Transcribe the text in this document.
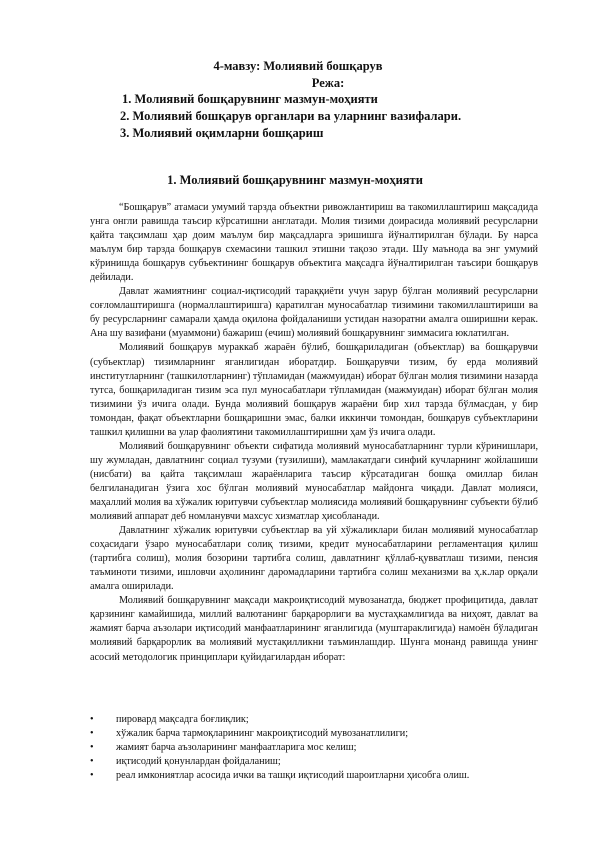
4-мавзу: Молиявий бошқарув
Режа:
1. Молиявий бошқарувнинг мазмун-моҳияти
2. Молиявий бошқарув органлари ва уларнинг вазифалари.
3. Молиявий оқимларни бошқариш
1. Молиявий бошқарувнинг мазмун-моҳияти

“Бошқарув” атамаси умумий тарзда объектни ривожлантириш ва такомиллаштириш мақсадида унга онгли равишда таъсир кўрсатишни англатади. Молия тизими доирасида молиявий ресурсларни қайта тақсимлаш ҳар доим маълум бир мақсадларга эришишга йўналтирилган бўлади. Бу нарса маълум бир тарзда бошқарув схемасини ташкил этишни тақозо этади. Шу маънода ва энг умумий кўринишда бошқарув субъектининг бошқарув объектига мақсадга йўналтирилган таъсири бошқарув дейилади.

Давлат жамиятнинг социал-иқтисодий тараққиёти учун зарур бўлган молиявий ресурсларни соғломлаштиришга (нормаллаштиришга) қаратилган муносабатлар тизимини такомиллаштириши ва бу ресурсларнинг самарали ҳамда оқилона фойдаланиши устидан назоратни амалга оширишни керак. Ана шу вазифани (муаммони) бажариш (ечиш) молиявий бошқарувнинг зиммасига юклатилган.

Молиявий бошқарув мураккаб жараён бўлиб, бошқариладиган (объектлар) ва бошқарувчи (субъектлар) тизимларнинг яганлигидан иборатдир. Бошқарувчи тизим, бу ерда молиявий институтларнинг (ташкилотларнинг) тўпламидан (мажмуидан) иборат бўлган молия тизимини назарда тутса, бошқариладиган тизим эса пул муносабатлари тўпламидан (мажмуидан) иборат бўлган молия тизимини ўз ичига олади. Бунда молиявий бошқарув жараёни бир хил тарзда бўлмасдан, у бир томондан, фақат объектларни бошқаришни эмас, балки иккинчи томондан, бошқарув субъектларини ташкил қилишни ва улар фаолиятини такомиллаштиришни ҳам ўз ичига олади.

Молиявий бошқарувнинг объекти сифатида молиявий муносабатларнинг турли кўринишлари, шу жумладан, давлатнинг социал тузуми (тузилиши), мамлакатдаги синфий кучларнинг жойлашиши (нисбати) ва қайта тақсимлаш жараёнларига таъсир кўрсатадиган бошқа омиллар билан белгиланадиган ўзига хос бўлган молиявий муносабатлар майдонга чиқади. Давлат молияси, маҳаллий молия ва хўжалик юритувчи субъектлар молиясида молиявий бошқарувнинг субъекти бўлиб молиявий аппарат деб номланувчи махсус хизматлар ҳисобланади.

Давлатнинг хўжалик юритувчи субъектлар ва уй хўжаликлари билан молиявий муносабатлар соҳасидаги ўзаро муносабатлари солиқ тизими, кредит муносабатларини регламентация қилиш (тартибга солиш), молия бозорини тартибга солиш, давлатнинг қўллаб-қувватлаш тизими, пенсия таъминоти тизими, ишловчи аҳолининг даромадларини тартибга солиш механизми ва ҳ.к.лар орқали амалга оширилади.

Молиявий бошқарувнинг мақсади макроиқтисодий мувозанатда, бюджет профицитида, давлат қарзининг камайишида, миллий валютанинг барқарорлиги ва мустаҳкамлигида ва ниҳоят, давлат ва жамият барча аъзолари иқтисодий манфаатларининг яганлигида (муштараклигида) намоён бўладиган молиявий барқарорлик ва молиявий мустақилликни таъминлашдир. Шунга монанд равишда унинг асосий методологик принциплари қуйидагилардан иборат:

• пировард мақсадга боғлиқлик;
• хўжалик барча тармоқларининг макроиқтисодий мувозанатлилиги;
• жамият барча аъзоларининг манфаатларига мос келиш;
• иқтисодий қонунлардан фойдаланиш;
• реал имкониятлар асосида ички ва ташқи иқтисодий шароитларни ҳисобга олиш.
